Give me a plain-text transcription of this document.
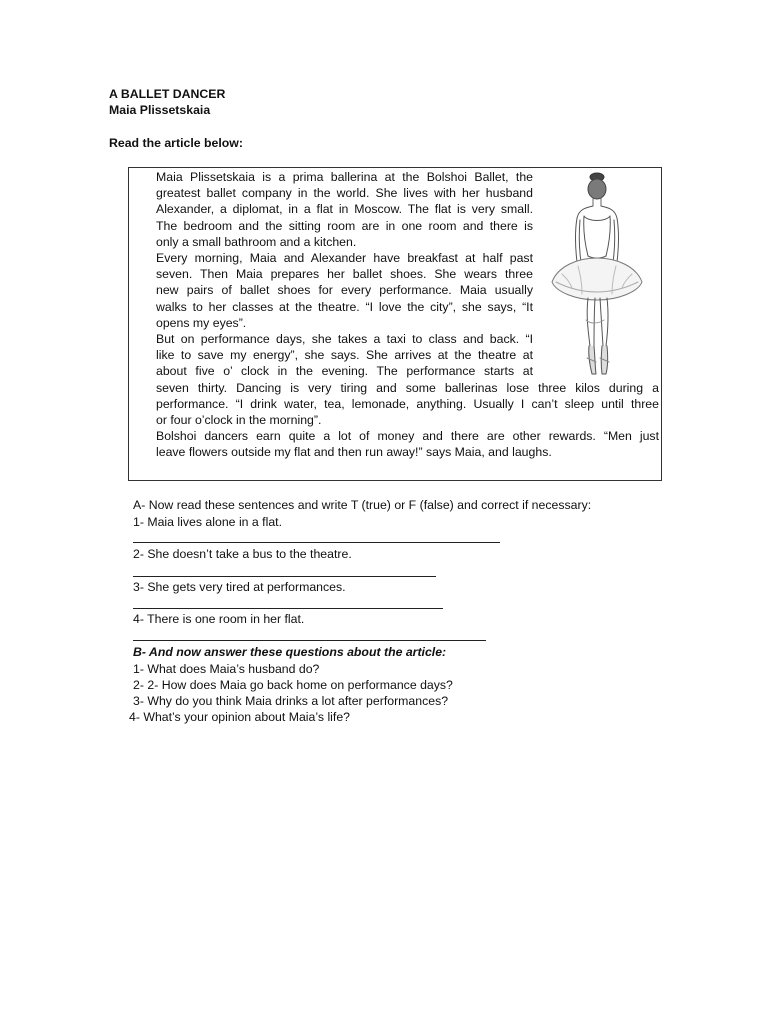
A BALLET DANCER
Maia Plissetskaia
Read the article below:

Maia Plissetskaia is a prima ballerina at the Bolshoi Ballet, the
greatest ballet company in the world. She lives with her husband
Alexander, a diplomat, in a flat in Moscow. The flat is very small.
The bedroom and the sitting room are in one room and there is
only a small bathroom and a kitchen.

Every morning, Maia and Alexander have breakfast at half past
seven. Then Maia prepares her ballet shoes. She wears three
new pairs of ballet shoes for every performance. Maia usually
walks to her classes at the theatre. “I love the city”, she says, “It
opens my eyes”.

But on performance days, she takes a taxi to class and back. “I
like to save my energy”, she says. She arrives at the theatre at
about five o’ clock in the evening. The performance starts at

seven thirty. Dancing is very tiring and some ballerinas lose three kilos during a
performance. “I drink water, tea, lemonade, anything. Usually I can’t sleep until three
or four o’clock in the morning”.

Bolshoi dancers earn quite a lot of money and there are other rewards. “Men just
leave flowers outside my flat and then run away!” says Maia, and laughs.

A- Now read these sentences and write T (true) or F (false) and correct if necessary:
1- Maia lives alone in a flat.
2- She doesn’t take a bus to the theatre.
3- She gets very tired at performances.
4- There is one room in her flat.
B- And now answer these questions about the article:
1- What does Maia’s husband do?
2- 2- How does Maia go back home on performance days?
3- Why do you think Maia drinks a lot after performances?
4- What’s your opinion about Maia’s life?
